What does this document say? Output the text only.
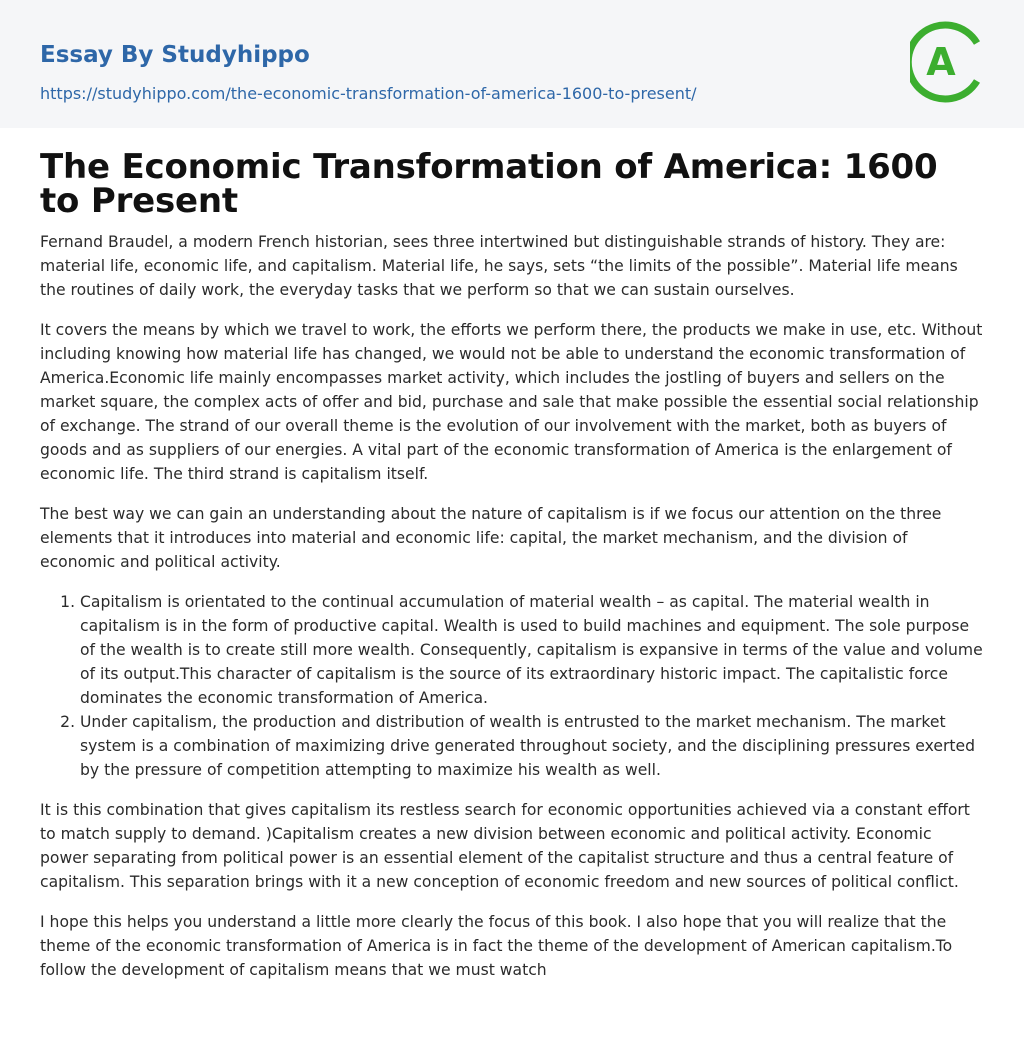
Essay By Studyhippo
https://studyhippo.com/the-economic-transformation-of-america-1600-to-present/
A
The Economic Transformation of America: 1600 to Present

Fernand Braudel, a modern French historian, sees three intertwined but distinguishable strands of history. They are: material life, economic life, and capitalism. Material life, he says, sets “the limits of the possible”. Material life means the routines of daily work, the everyday tasks that we perform so that we can sustain ourselves.

It covers the means by which we travel to work, the efforts we perform there, the products we make in use, etc. Without including knowing how material life has changed, we would not be able to understand the economic transformation of America.Economic life mainly encompasses market activity, which includes the jostling of buyers and sellers on the market square, the complex acts of offer and bid, purchase and sale that make possible the essential social relationship of exchange. The strand of our overall theme is the evolution of our involvement with the market, both as buyers of goods and as suppliers of our energies. A vital part of the economic transformation of America is the enlargement of economic life. The third strand is capitalism itself.

The best way we can gain an understanding about the nature of capitalism is if we focus our attention on the three elements that it introduces into material and economic life: capital, the market mechanism, and the division of economic and political activity.

1. Capitalism is orientated to the continual accumulation of material wealth – as capital. The material wealth in capitalism is in the form of productive capital. Wealth is used to build machines and equipment. The sole purpose of the wealth is to create still more wealth. Consequently, capitalism is expansive in terms of the value and volume of its output.This character of capitalism is the source of its extraordinary historic impact. The capitalistic force dominates the economic transformation of America.
2. Under capitalism, the production and distribution of wealth is entrusted to the market mechanism. The market system is a combination of maximizing drive generated throughout society, and the disciplining pressures exerted by the pressure of competition attempting to maximize his wealth as well.

It is this combination that gives capitalism its restless search for economic opportunities achieved via a constant effort to match supply to demand. )Capitalism creates a new division between economic and political activity. Economic power separating from political power is an essential element of the capitalist structure and thus a central feature of capitalism. This separation brings with it a new conception of economic freedom and new sources of political conflict.

I hope this helps you understand a little more clearly the focus of this book. I also hope that you will realize that the theme of the economic transformation of America is in fact the theme of the development of American capitalism.To follow the development of capitalism means that we must watch
